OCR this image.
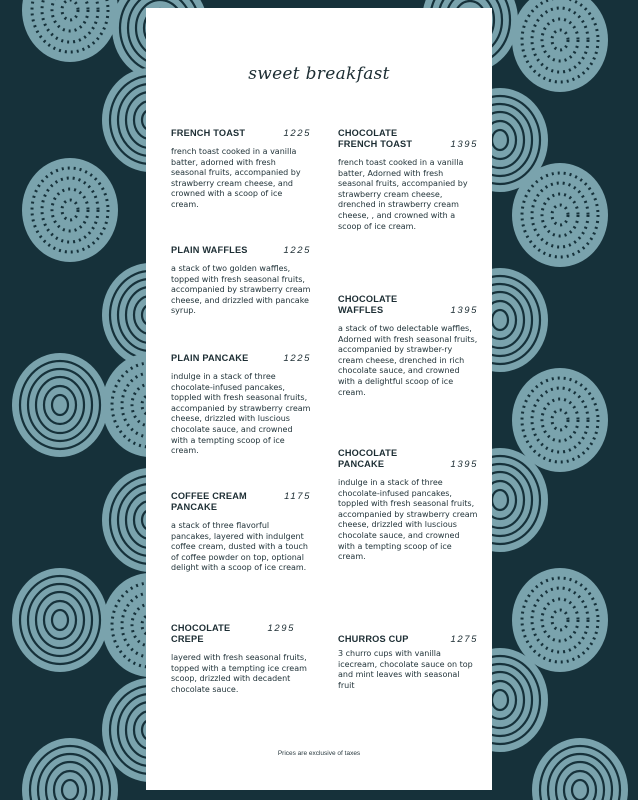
sweet breakfast
1225
FRENCH TOAST
french toast cooked in a vanilla batter, adorned with fresh seasonal fruits, accompanied by strawberry cream cheese, and crowned with a scoop of ice cream.
1225
PLAIN WAFFLES
a stack of two golden waffles, topped with fresh seasonal fruits, accompanied by strawberry cream cheese, and drizzled with pancake syrup.
1225
PLAIN PANCAKE
indulge in a stack of three chocolate-infused pancakes, toppled with fresh seasonal fruits, accompanied by strawberry cream cheese, drizzled with luscious chocolate sauce, and crowned with a tempting scoop of ice cream.
1175
COFFEE CREAM PANCAKE
a stack of three flavorful pancakes, layered with indulgent coffee cream, dusted with a touch of coffee powder on top, optional delight with a scoop of ice cream.
1295
CHOCOLATE CREPE
layered with fresh seasonal fruits, topped with a tempting ice cream scoop, drizzled with decadent chocolate sauce.
1395
CHOCOLATE FRENCH TOAST
french toast cooked in a vanilla batter, Adorned with fresh seasonal fruits, accompanied by strawberry cream cheese, drenched in strawberry cream cheese, , and crowned with a scoop of ice cream.
1395
CHOCOLATE WAFFLES
a stack of two delectable waffles, Adorned with fresh seasonal fruits, accompanied by strawber-ry cream cheese, drenched in rich chocolate sauce, and crowned with a delightful scoop of ice cream.
1395
CHOCOLATE PANCAKE
indulge in a stack of three chocolate-infused pancakes, toppled with fresh seasonal fruits, accompanied by strawberry cream cheese, drizzled with luscious chocolate sauce, and crowned with a tempting scoop of ice cream.
1275
CHURROS CUP
3 churro cups with vanilla icecream, chocolate sauce on top and mint leaves with seasonal fruit
Prices are exclusive of taxes
